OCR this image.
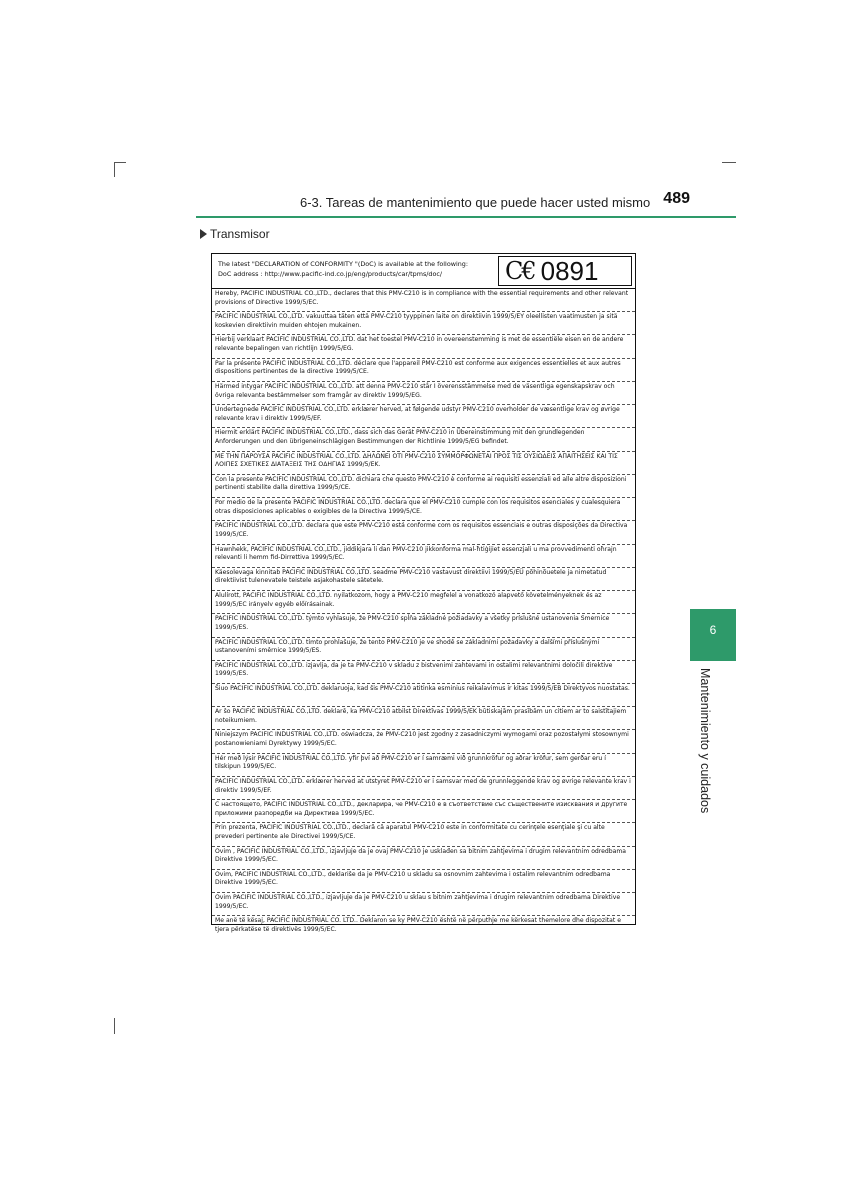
6-3. Tareas de mantenimiento que puede hacer usted mismo 489
Transmisor
The latest "DECLARATION of CONFORMITY "(DoC) is available at the following:
DoC address : http://www.pacific-ind.co.jp/eng/products/car/tpms/doc/	C€ 0891
Hereby, PACIFIC INDUSTRIAL CO.,LTD., declares that this PMV-C210 is in compliance with the essential requirements and other relevant provisions of Directive 1999/5/EC.
PACIFIC INDUSTRIAL CO.,LTD. vakuuttaa täten että PMV-C210 tyyppinen laite on direktiivin 1999/5/EY oleellisten vaatimusten ja sitä koskevien direktiivin muiden ehtojen mukainen.
Hierbij verklaart PACIFIC INDUSTRIAL CO.,LTD. dat het toestel PMV-C210 in overeenstemming is met de essentiële eisen en de andere relevante bepalingen van richtlijn 1999/5/EG.
Par la présente PACIFIC INDUSTRIAL CO.,LTD. déclare que l'appareil PMV-C210 est conforme aux exigences essentielles et aux autres dispositions pertinentes de la directive 1999/5/CE.
Härmed intygar PACIFIC INDUSTRIAL CO.,LTD. att denna PMV-C210 står I överensstämmelse med de väsentliga egenskapskrav och övriga relevanta bestämmelser som framgår av direktiv 1999/5/EG.
Undertegnede PACIFIC INDUSTRIAL CO.,LTD. erklærer herved, at følgende udstyr PMV-C210 overholder de væsentlige krav og øvrige relevante krav i direktiv 1999/5/EF.
Hiermit erklärt PACIFIC INDUSTRIAL CO.,LTD., dass sich das Gerät PMV-C210 in Übereinstimmung mit den grundlegenden Anforderungen und den übrigeneinschlägigen Bestimmungen der Richtlinie 1999/5/EG befindet.
ΜΕ ΤΗΝ ΠΑΡΟΥΣΑ PACIFIC INDUSTRIAL CO.,LTD. ΔΗΛΩΝΕΙ ΟΤΙ PMV-C210 ΣΥΜΜΟΡΦΩΝΕΤΑΙ ΠΡΟΣ ΤΙΣ ΟΥΣΙΩΔΕΙΣ ΑΠΑΙΤΗΣΕΙΣ ΚΑΙ ΤΙΣ ΛΟΙΠΕΣ ΣΧΕΤΙΚΕΣ ΔΙΑΤΑΞΕΙΣ ΤΗΣ ΟΔΗΓΙΑΣ 1999/5/ΕΚ.
Con la presente PACIFIC INDUSTRIAL CO.,LTD. dichiara che questo PMV-C210 è conforme ai requisiti essenziali ed alle altre disposizioni pertinenti stabilite dalla direttiva 1999/5/CE.
Por medio de la presente PACIFIC INDUSTRIAL CO.,LTD. declara que el PMV-C210 cumple con los requisitos esenciales y cualesquiera otras disposiciones aplicables o exigibles de la Directiva 1999/5/CE.
PACIFIC INDUSTRIAL CO.,LTD. declara que este PMV-C210 está conforme com os requisitos essenciais e outras disposições da Directiva 1999/5/CE.
Hawnhekk, PACIFIC INDUSTRIAL CO.,LTD., jiddikjara li dan PMV-C210 jikkonforma mal-ħtiġijiet essenzjali u ma provvedimenti oħrajn relevanti li hemm fid-Dirrettiva 1999/5/EC.
Käesolevaga kinnitab PACIFIC INDUSTRIAL CO.,LTD. seadme PMV-C210 vastavust direktiivi 1999/5/EÜ põhinõuetele ja nimetatud direktiivist tulenevatele teistele asjakohastele sätetele.
Alulírott, PACIFIC INDUSTRIAL CO.,LTD. nyilatkozom, hogy a PMV-C210 megfelel a vonatkozó alapvető követelményeknek és az 1999/5/EC irányelv egyéb előírásainak.
PACIFIC INDUSTRIAL CO.,LTD. týmto vyhlasuje, že PMV-C210 spĺňa základné požiadavky a všetky príslušné ustanovenia Smernice 1999/5/ES.
PACIFIC INDUSTRIAL CO.,LTD. tímto prohlašuje, že tento PMV-C210 je ve shodě se základními požadavky a dalšími příslušnými ustanoveními směrnice 1999/5/ES.
PACIFIC INDUSTRIAL CO.,LTD. izjavlja, da je ta PMV-C210 v skladu z bistvenimi zahtevami in ostalimi relevantnimi določili direktive 1999/5/ES.
Šiuo PACIFIC INDUSTRIAL CO.,LTD. deklaruoja, kad šis PMV-C210 atitinka esminius reikalavimus ir kitas 1999/5/EB Direktyvos nuostatas.
Ar šo PACIFIC INDUSTRIAL CO.,LTD. deklarē, ka PMV-C210 atbilst Direktīvas 1999/5/EK būtiskajām prasībām un citiem ar to saistītajiem noteikumiem.
Niniejszym PACIFIC INDUSTRIAL CO.,LTD. oświadcza, że PMV-C210 jest zgodny z zasadniczymi wymogami oraz pozostałymi stosownymi postanowieniami Dyrektywy 1999/5/EC.
Hér með lýsir PACIFIC INDUSTRIAL CO.,LTD. yfir því að PMV-C210 er í samræmi við grunnkröfur og aðrar kröfur, sem gerðar eru í tilskipun 1999/5/EC.
PACIFIC INDUSTRIAL CO.,LTD. erklærer herved at utstyret PMV-C210 er i samsvar med de grunnleggende krav og øvrige relevante krav i direktiv 1999/5/EF.
С настоящето, PACIFIC INDUSTRIAL CO.,LTD., декларира, че PMV-C210 е в съответствие със съществените изисквания и другите приложими разпоредби на Директива 1999/5/ЕС.
Prin prezenta, PACIFIC INDUSTRIAL CO.,LTD., declară că aparatul PMV-C210 este in conformitate cu cerinţele esenţiale şi cu alte prevederi pertinente ale Directivei 1999/5/CE.
Ovim , PACIFIC INDUSTRIAL CO.,LTD., izjavljuje da je ovaj PMV-C210 je usklađen sa bitnim zahtjevima i drugim relevantnim odredbama Direktive 1999/5/EC.
Ovim, PACIFIC INDUSTRIAL CO.,LTD., deklariše da je PMV-C210 u skladu sa osnovnim zahtevima i ostalim relevantnim odredbama Direktive 1999/5/EC.
Ovim PACIFIC INDUSTRIAL CO.,LTD., izjavljuje da je PMV-C210 u sklau s bitnim zahtjevima i drugim relevantnim odredbama Direktive 1999/5/EC.
Me anë të kësaj, PACIFIC INDUSTRIAL CO. LTD.. Deklaron se ky PMV-C210 është në përputhje me kërkesat themelore dhe dispozitat e tjera përkatëse të direktivës 1999/5/EC.
6
Mantenimiento y cuidados
